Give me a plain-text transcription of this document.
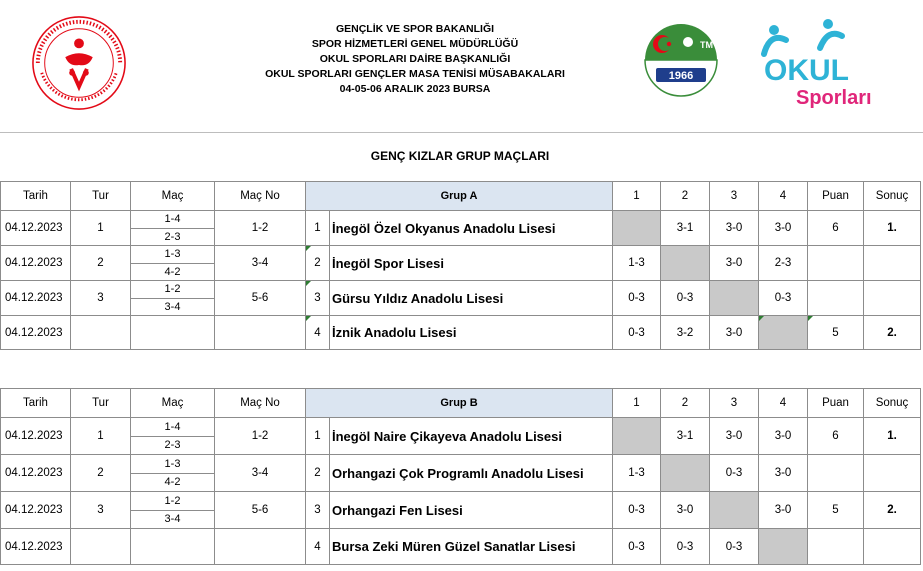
GENÇLİK VE SPOR BAKANLIĞI
SPOR HİZMETLERİ GENEL MÜDÜRLÜĞÜ
OKUL SPORLARI DAİRE BAŞKANLIĞI
OKUL SPORLARI GENÇLER MASA TENİSİ MÜSABAKALARI
04-05-06 ARALIK 2023 BURSA
TMTF
1966 OKUL
Sporları
GENÇ KIZLAR GRUP MAÇLARI
Tarih	Tur	Maç	Maç No	Grup A		1	2	3	4	Puan	Sonuç
04.12.2023	1	1-4
2-3	1-2	1	İnegöl Özel Okyanus Anadolu Lisesi		3-1	3-0	3-0	6	1.
04.12.2023	2	1-3
4-2	3-4	2	İnegöl Spor Lisesi	1-3		3-0	2-3		
04.12.2023	3	1-2
3-4	5-6	3	Gürsu Yıldız Anadolu Lisesi	0-3	0-3		0-3		
04.12.2023				4	İznik Anadolu Lisesi	0-3	3-2	3-0		5	2.
Tarih	Tur	Maç	Maç No	Grup B		1	2	3	4	Puan	Sonuç
04.12.2023	1	1-4
2-3	1-2	1	İnegöl Naire Çikayeva Anadolu Lisesi		3-1	3-0	3-0	6	1.
04.12.2023	2	1-3
4-2	3-4	2	Orhangazi Çok Programlı Anadolu Lisesi	1-3		0-3	3-0		
04.12.2023	3	1-2
3-4	5-6	3	Orhangazi Fen Lisesi	0-3	3-0		3-0	5	2.
04.12.2023				4	Bursa Zeki Müren Güzel Sanatlar Lisesi	0-3	0-3	0-3			
